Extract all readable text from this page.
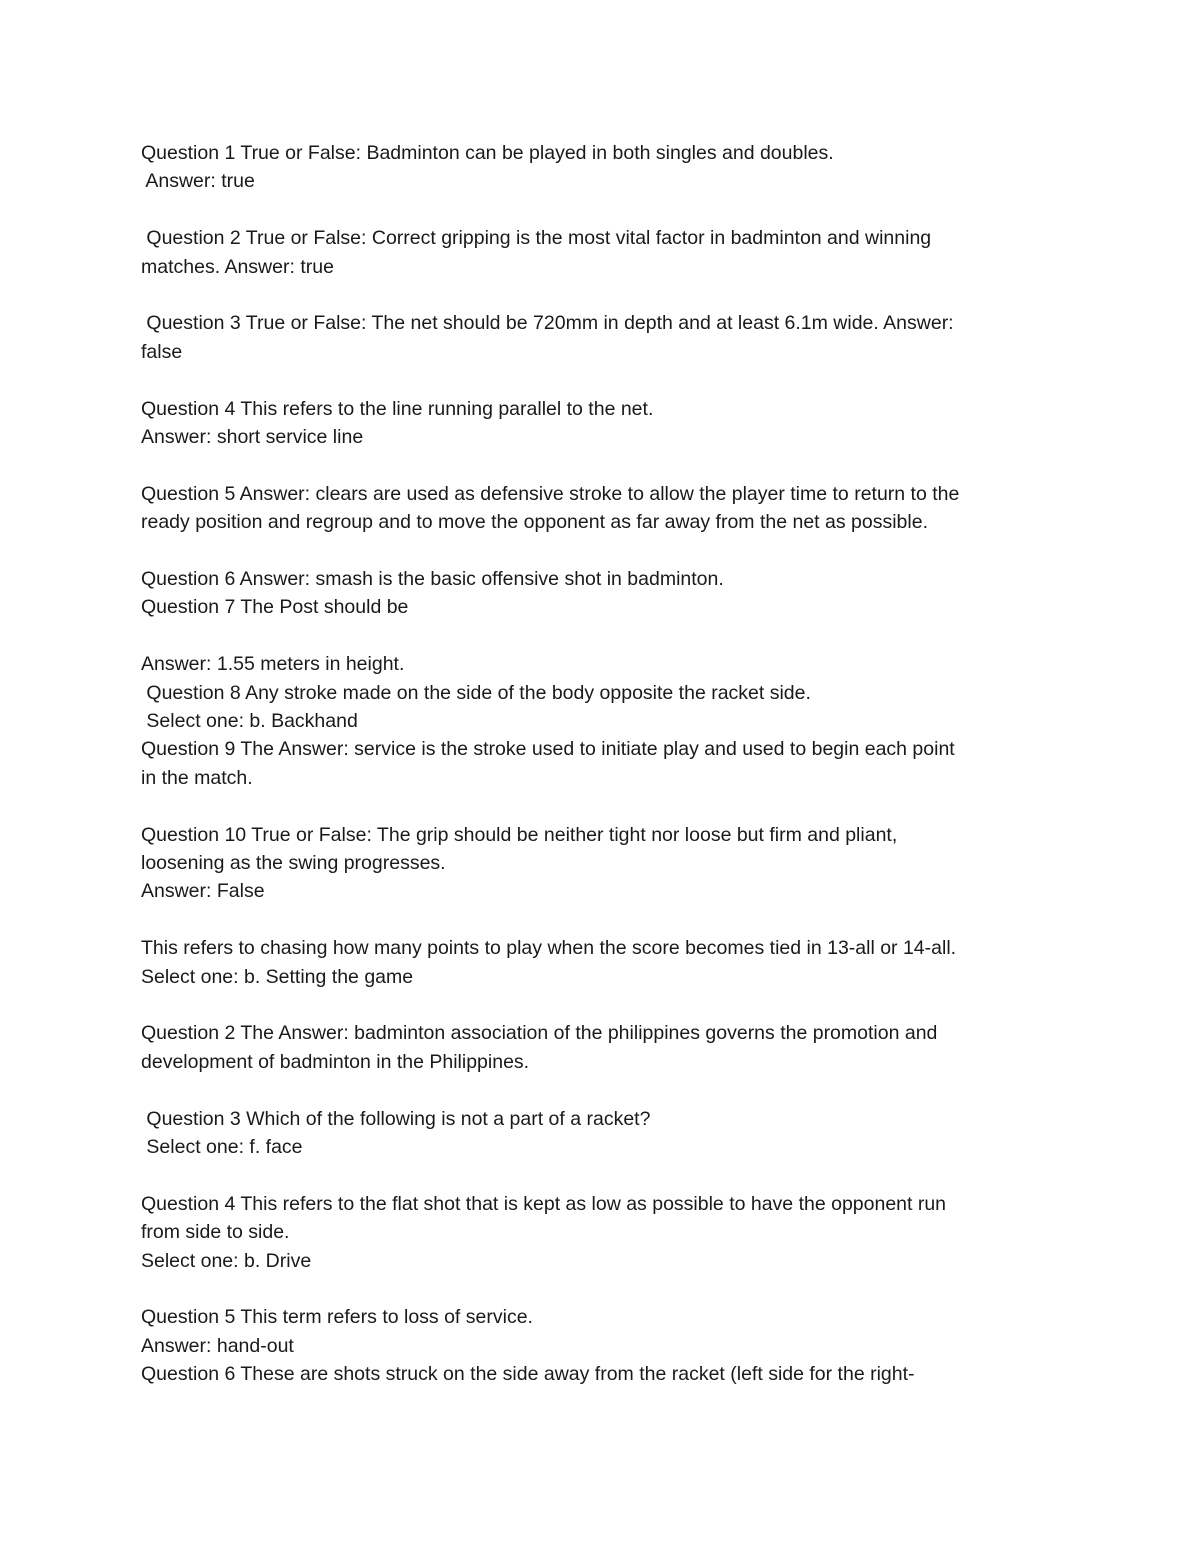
Question 1 True or False: Badminton can be played in both singles and doubles.
Answer: true
Question 2 True or False: Correct gripping is the most vital factor in badminton and winning
matches. Answer: true
Question 3 True or False: The net should be 720mm in depth and at least 6.1m wide. Answer:
false
Question 4 This refers to the line running parallel to the net.
Answer: short service line
Question 5 Answer: clears are used as defensive stroke to allow the player time to return to the
ready position and regroup and to move the opponent as far away from the net as possible.
Question 6 Answer: smash is the basic offensive shot in badminton.
Question 7 The Post should be
Answer: 1.55 meters in height.
Question 8 Any stroke made on the side of the body opposite the racket side.
Select one: b. Backhand
Question 9 The Answer: service is the stroke used to initiate play and used to begin each point
in the match.
Question 10 True or False: The grip should be neither tight nor loose but firm and pliant,
loosening as the swing progresses.
Answer: False
This refers to chasing how many points to play when the score becomes tied in 13-all or 14-all.
Select one: b. Setting the game
Question 2 The Answer: badminton association of the philippines governs the promotion and
development of badminton in the Philippines.
Question 3 Which of the following is not a part of a racket?
Select one: f. face
Question 4 This refers to the flat shot that is kept as low as possible to have the opponent run
from side to side.
Select one: b. Drive
Question 5 This term refers to loss of service.
Answer: hand-out
Question 6 These are shots struck on the side away from the racket (left side for the right-
